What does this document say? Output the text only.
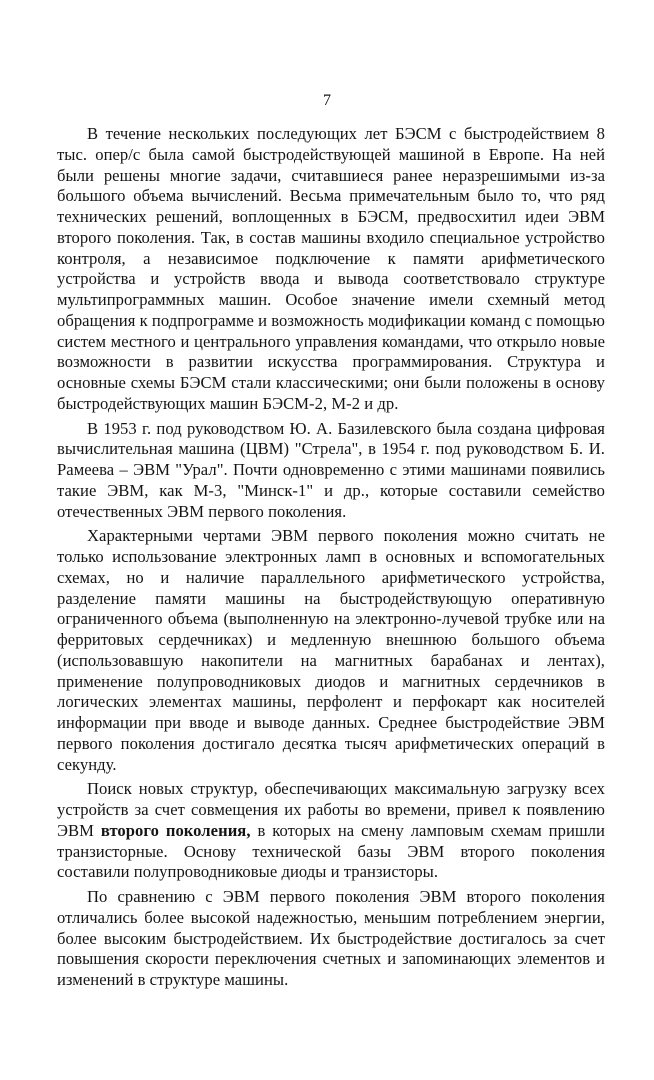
7

В течение нескольких последующих лет БЭСМ с быстродействием 8 тыс. опер/с была самой быстродействующей машиной в Европе. На ней были решены многие задачи, считавшиеся ранее неразрешимыми из-за большого объема вычислений. Весьма примечательным было то, что ряд технических решений, воплощенных в БЭСМ, предвосхитил идеи ЭВМ второго поколения. Так, в состав машины входило специальное устройство контроля, а независимое подключение к памяти арифметического устройства и устройств ввода и вывода соответствовало структуре мультипрограммных машин. Особое значение имели схемный метод обращения к подпрограмме и возможность модификации команд с помощью систем местного и центрального управления командами, что открыло новые возможности в развитии искусства программирования. Структура и основные схемы БЭСМ стали классическими; они были положены в основу быстродействующих машин БЭСМ-2, М-2 и др.

В 1953 г. под руководством Ю. А. Базилевского была создана цифровая вычислительная машина (ЦВМ) "Стрела", в 1954 г. под руководством Б. И. Рамеева – ЭВМ "Урал". Почти одновременно с этими машинами появились такие ЭВМ, как М-3, "Минск-1" и др., которые составили семейство отечественных ЭВМ первого поколения.

Характерными чертами ЭВМ первого поколения можно считать не только использование электронных ламп в основных и вспомогательных схемах, но и наличие параллельного арифметического устройства, разделение памяти машины на быстродействующую оперативную ограниченного объема (выполненную на электронно-лучевой трубке или на ферритовых сердечниках) и медленную внешнюю большого объема (использовавшую накопители на магнитных барабанах и лентах), применение полупроводниковых диодов и магнитных сердечников в логических элементах машины, перфолент и перфокарт как носителей информации при вводе и выводе данных. Среднее быстродействие ЭВМ первого поколения достигало десятка тысяч арифметических операций в секунду.

Поиск новых структур, обеспечивающих максимальную загрузку всех устройств за счет совмещения их работы во времени, привел к появлению ЭВМ второго поколения, в которых на смену ламповым схемам пришли транзисторные. Основу технической базы ЭВМ второго поколения составили полупроводниковые диоды и транзисторы.

По сравнению с ЭВМ первого поколения ЭВМ второго поколения отличались более высокой надежностью, меньшим потреблением энергии, более высоким быстродействием. Их быстродействие достигалось за счет повышения скорости переключения счетных и запоминающих элементов и изменений в структуре машины.
